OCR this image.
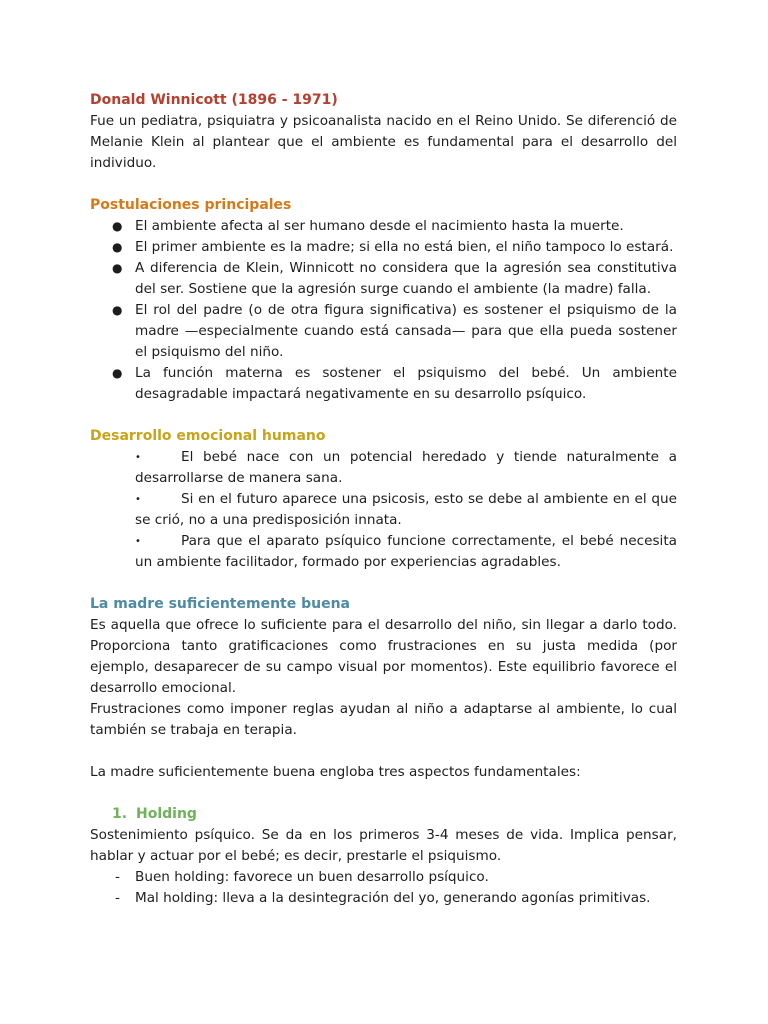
Donald Winnicott (1896 - 1971)

Fue un pediatra, psiquiatra y psicoanalista nacido en el Reino Unido. Se diferenció de Melanie Klein al plantear que el ambiente es fundamental para el desarrollo del individuo.

Postulaciones principales

● El ambiente afecta al ser humano desde el nacimiento hasta la muerte.
● El primer ambiente es la madre; si ella no está bien, el niño tampoco lo estará.
● A diferencia de Klein, Winnicott no considera que la agresión sea constitutiva del ser. Sostiene que la agresión surge cuando el ambiente (la madre) falla.
● El rol del padre (o de otra figura significativa) es sostener el psiquismo de la madre —especialmente cuando está cansada— para que ella pueda sostener el psiquismo del niño.
● La función materna es sostener el psiquismo del bebé. Un ambiente desagradable impactará negativamente en su desarrollo psíquico.

Desarrollo emocional humano

•	El bebé nace con un potencial heredado y tiende naturalmente a desarrollarse de manera sana.
•	Si en el futuro aparece una psicosis, esto se debe al ambiente en el que se crió, no a una predisposición innata.
•	Para que el aparato psíquico funcione correctamente, el bebé necesita un ambiente facilitador, formado por experiencias agradables.

La madre suficientemente buena

Es aquella que ofrece lo suficiente para el desarrollo del niño, sin llegar a darlo todo. Proporciona tanto gratificaciones como frustraciones en su justa medida (por ejemplo, desaparecer de su campo visual por momentos). Este equilibrio favorece el desarrollo emocional.

Frustraciones como imponer reglas ayudan al niño a adaptarse al ambiente, lo cual también se trabaja en terapia.

La madre suficientemente buena engloba tres aspectos fundamentales:

1. Holding

Sostenimiento psíquico. Se da en los primeros 3-4 meses de vida. Implica pensar, hablar y actuar por el bebé; es decir, prestarle el psiquismo.

- Buen holding: favorece un buen desarrollo psíquico.
- Mal holding: lleva a la desintegración del yo, generando agonías primitivas.
